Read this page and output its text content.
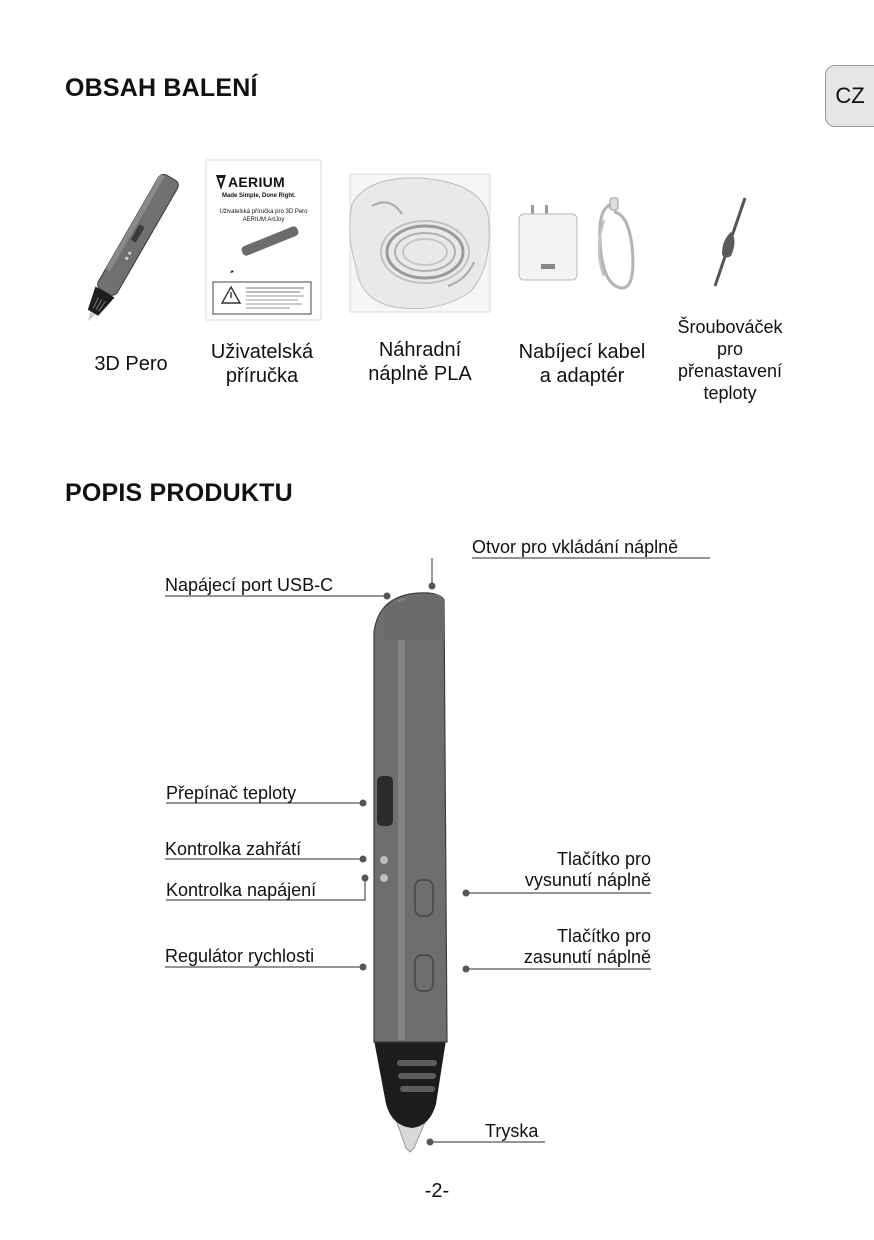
CZ
OBSAH BALENÍ
POPIS PRODUKTU
AERIUM
Made Simple, Done Right.
Uživatelská příručka pro 3D Pero
AERIUM ArtJoy
3D Pero
Uživatelská
příručka
Náhradní
náplně PLA
Nabíjecí kabel
a adaptér
Šroubováček
pro
přenastavení
teploty
Napájecí port USB-C
Otvor pro vkládání náplně
Přepínač teploty
Kontrolka zahřátí
Kontrolka napájení
Regulátor rychlosti
Tlačítko pro
vysunutí náplně
Tlačítko pro
zasunutí náplně
Tryska
-2-
